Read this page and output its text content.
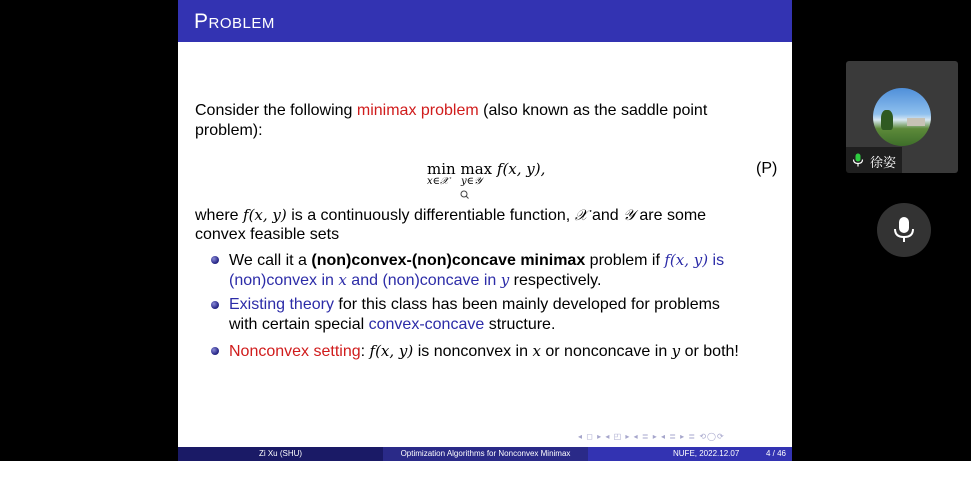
Problem
Consider the following minimax problem (also known as the saddle point
problem):
min max f(x, y),
x∈𝒳 y∈𝒴
(P)
where f(x, y) is a continuously differentiable function, 𝒳 and 𝒴 are some
convex feasible sets
We call it a (non)convex-(non)concave minimax problem if f(x, y) is
(non)convex in x and (non)concave in y respectively.
Existing theory for this class has been mainly developed for problems
with certain special convex-concave structure.
Nonconvex setting: f(x, y) is nonconvex in x or nonconcave in y or both!
◂ ◻ ▸ ◂ ◰ ▸ ◂ ≣ ▸ ◂ ≣ ▸ ≣ ⟲◯⟳
Zi Xu (SHU)	Optimization Algorithms for Nonconvex Minimax	NUFE, 2022.12.07	4 / 46
徐姿
